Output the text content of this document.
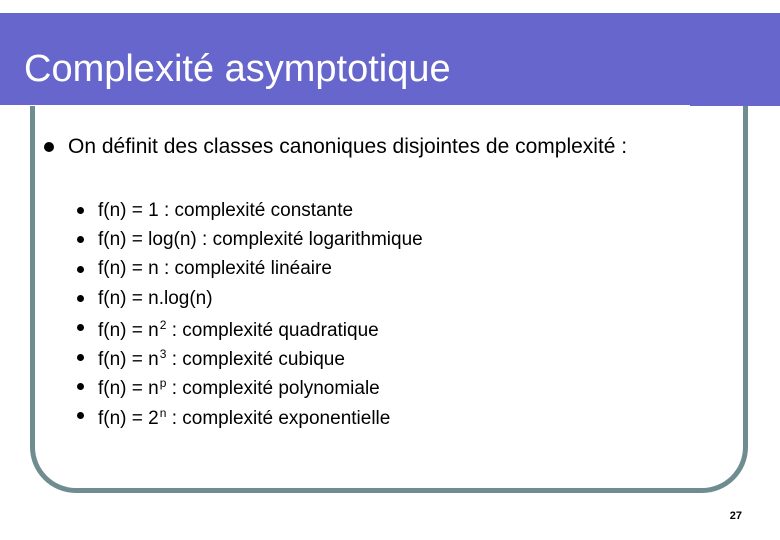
Complexité asymptotique
On définit des classes canoniques disjointes de complexité :
f(n) = 1 : complexité constante
f(n) = log(n) : complexité logarithmique
f(n) = n : complexité linéaire
f(n) = n.log(n)
$f(n) = n^2$ : complexité quadratique
$f(n) = n^3$ : complexité cubique
$f(n) = n^p$ : complexité polynomiale
$f(n) = 2^n$ : complexité exponentielle
27
